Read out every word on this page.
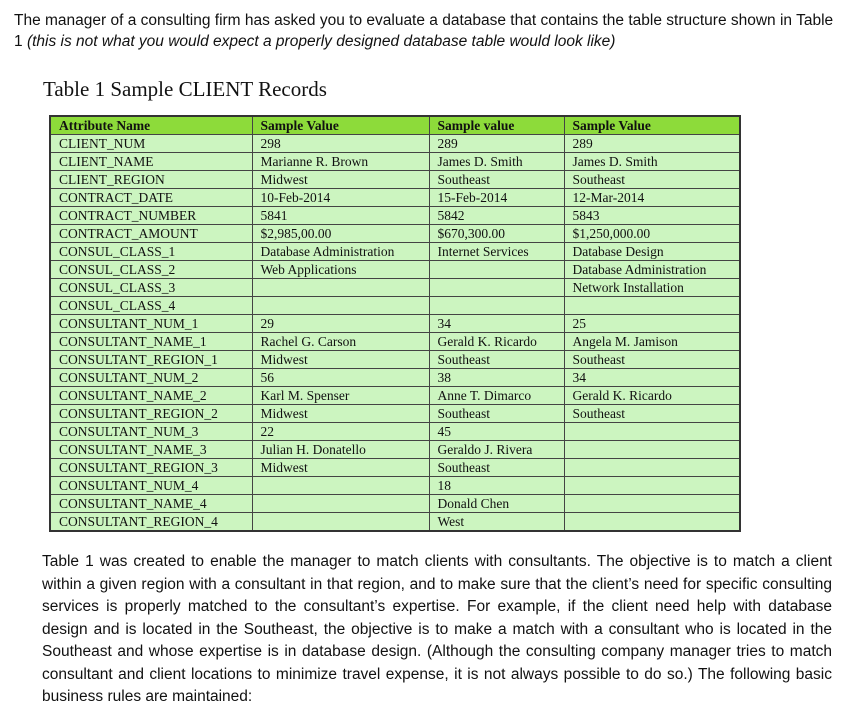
The manager of a consulting firm has asked you to evaluate a database that contains the table structure shown in Table 1 (this is not what you would expect a properly designed database table would look like)
Table 1 Sample CLIENT Records
Attribute Name	Sample Value	Sample value	Sample Value
CLIENT_NUM	298	289	289
CLIENT_NAME	Marianne R. Brown	James D. Smith	James D. Smith
CLIENT_REGION	Midwest	Southeast	Southeast
CONTRACT_DATE	10-Feb-2014	15-Feb-2014	12-Mar-2014
CONTRACT_NUMBER	5841	5842	5843
CONTRACT_AMOUNT	$2,985,00.00	$670,300.00	$1,250,000.00
CONSUL_CLASS_1	Database Administration	Internet Services	Database Design
CONSUL_CLASS_2	Web Applications		Database Administration
CONSUL_CLASS_3			Network Installation
CONSUL_CLASS_4			
CONSULTANT_NUM_1	29	34	25
CONSULTANT_NAME_1	Rachel G. Carson	Gerald K. Ricardo	Angela M. Jamison
CONSULTANT_REGION_1	Midwest	Southeast	Southeast
CONSULTANT_NUM_2	56	38	34
CONSULTANT_NAME_2	Karl M. Spenser	Anne T. Dimarco	Gerald K. Ricardo
CONSULTANT_REGION_2	Midwest	Southeast	Southeast
CONSULTANT_NUM_3	22	45	
CONSULTANT_NAME_3	Julian H. Donatello	Geraldo J. Rivera	
CONSULTANT_REGION_3	Midwest	Southeast	
CONSULTANT_NUM_4		18	
CONSULTANT_NAME_4		Donald Chen	
CONSULTANT_REGION_4		West	
Table 1 was created to enable the manager to match clients with consultants. The objective is to match a client within a given region with a consultant in that region, and to make sure that the client’s need for specific consulting services is properly matched to the consultant’s expertise. For example, if the client need help with database design and is located in the Southeast, the objective is to make a match with a consultant who is located in the Southeast and whose expertise is in database design. (Although the consulting company manager tries to match consultant and client locations to minimize travel expense, it is not always possible to do so.) The following basic business rules are maintained:
